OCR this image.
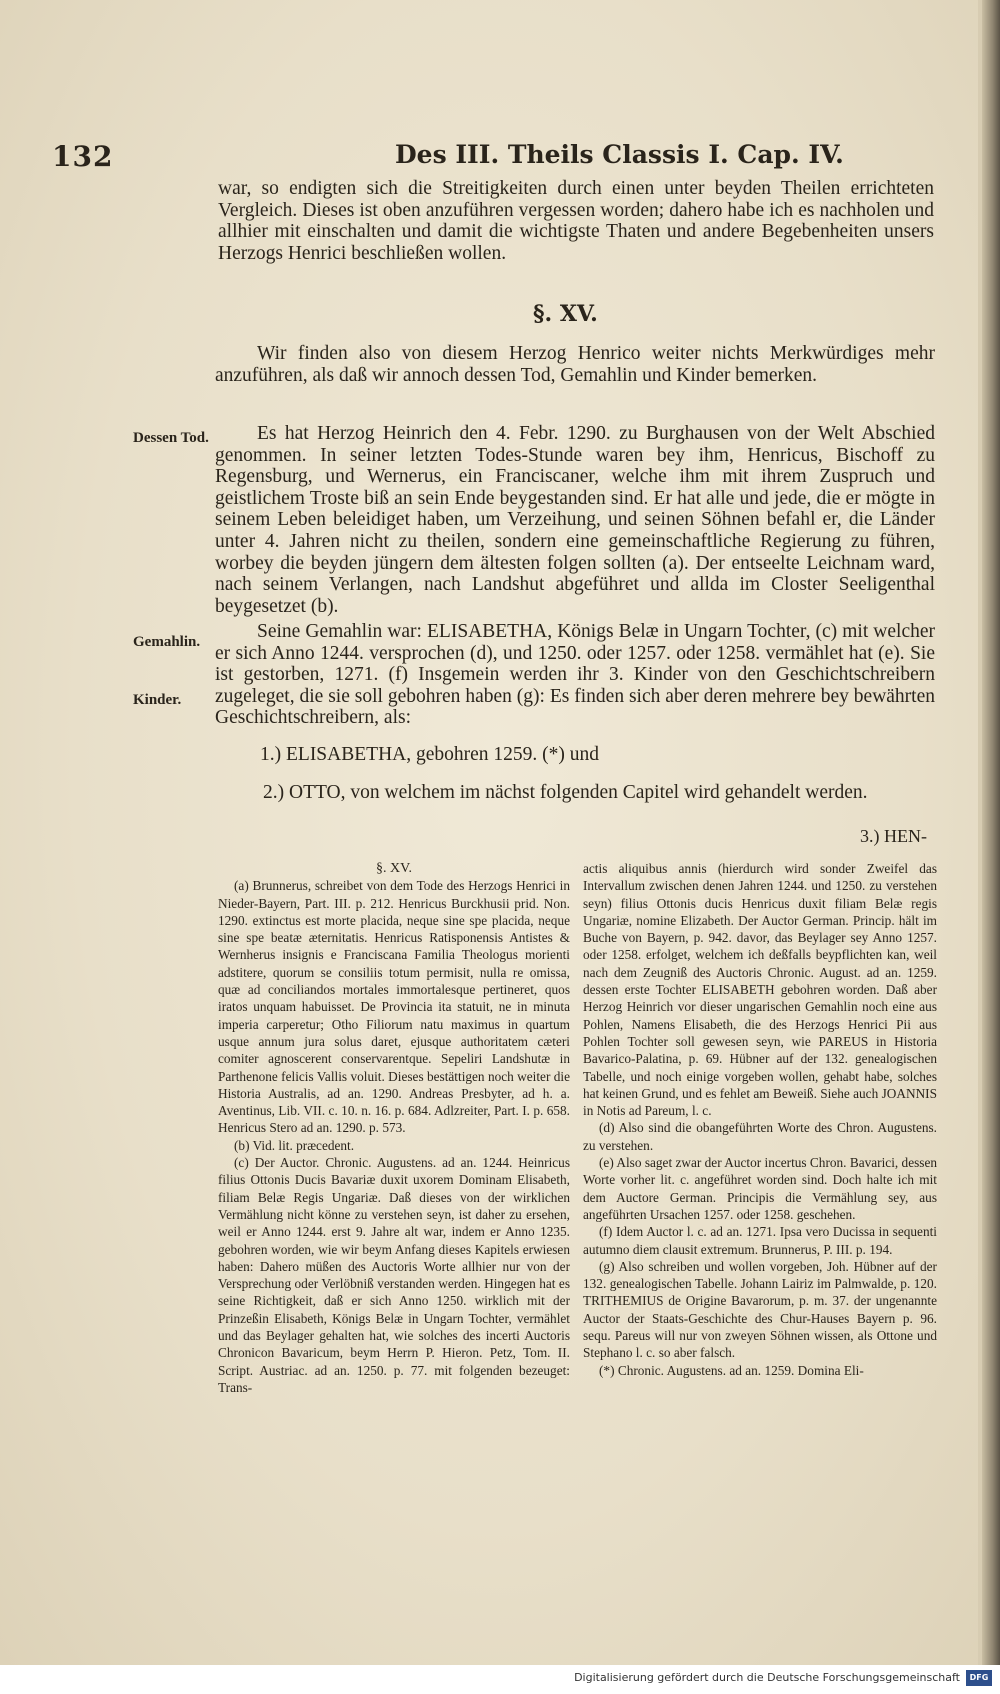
132	Des III. Theils Classis I. Cap. IV.

war, so endigten sich die Streitigkeiten durch einen unter beyden Theilen errichteten Vergleich. Dieses ist oben anzuführen vergessen worden; dahero habe ich es nachholen und allhier mit einschalten und damit die wichtigste Thaten und andere Begebenheiten unsers Herzogs Henrici beschließen wollen.

§. XV.

Wir finden also von diesem Herzog Henrico weiter nichts Merkwürdiges mehr anzuführen, als daß wir annoch dessen Tod, Gemahlin und Kinder bemerken.

Dessen Tod.	Es hat Herzog Heinrich den 4. Febr. 1290. zu Burghausen von der Welt Abschied genommen. In seiner letzten Todes-Stunde waren bey ihm, Henricus, Bischoff zu Regensburg, und Wernerus, ein Franciscaner, welche ihm mit ihrem Zuspruch und geistlichem Troste biß an sein Ende beygestanden sind. Er hat alle und jede, die er mögte in seinem Leben beleidiget haben, um Verzeihung, und seinen Söhnen befahl er, die Länder unter 4. Jahren nicht zu theilen, sondern eine gemeinschaftliche Regierung zu führen, worbey die beyden jüngern dem ältesten folgen sollten (a). Der entseelte Leichnam ward, nach seinem Verlangen, nach Landshut abgeführet und allda im Closter Seeligenthal beygesetzet (b).

Gemahlin.
Kinder.

Seine Gemahlin war: ELISABETHA, Königs Belæ in Ungarn Tochter, (c) mit welcher er sich Anno 1244. versprochen (d), und 1250. oder 1257. oder 1258. vermählet hat (e). Sie ist gestorben, 1271. (f) Insgemein werden ihr 3. Kinder von den Geschichtschreibern zugeleget, die sie soll gebohren haben (g): Es finden sich aber deren mehrere bey bewährten Geschichtschreibern, als:

1.) ELISABETHA, gebohren 1259. (*) und

2.) OTTO, von welchem im nächst folgenden Capitel wird gehandelt werden.

3.) HEN-

§. XV.

(a) Brunnerus, schreibet von dem Tode des Herzogs Henrici in Nieder-Bayern, Part. III. p. 212. Henricus Burckhusii prid. Non. 1290. extinctus est morte placida, neque sine spe placida, neque sine spe beatæ æternitatis. Henricus Ratisponensis Antistes & Wernherus insignis e Franciscana Familia Theologus morienti adstitere, quorum se consiliis totum permisit, nulla re omissa, quæ ad conciliandos mortales immortalesque pertineret, quos iratos unquam habuisset. De Provincia ita statuit, ne in minuta imperia carperetur; Otho Filiorum natu maximus in quartum usque annum jura solus daret, ejusque authoritatem cæteri comiter agnoscerent conservarentque. Sepeliri Landshutæ in Parthenone felicis Vallis voluit. Dieses bestättigen noch weiter die Historia Australis, ad an. 1290. Andreas Presbyter, ad h. a. Aventinus, Lib. VII. c. 10. n. 16. p. 684. Adlzreiter, Part. I. p. 658. Henricus Stero ad an. 1290. p. 573.

(b) Vid. lit. præcedent.

(c) Der Auctor. Chronic. Augustens. ad an. 1244. Heinricus filius Ottonis Ducis Bavariæ duxit uxorem Dominam Elisabeth, filiam Belæ Regis Ungariæ. Daß dieses von der wirklichen Vermählung nicht könne zu verstehen seyn, ist daher zu ersehen, weil er Anno 1244. erst 9. Jahre alt war, indem er Anno 1235. gebohren worden, wie wir beym Anfang dieses Kapitels erwiesen haben: Dahero müßen des Auctoris Worte allhier nur von der Versprechung oder Verlöbniß verstanden werden. Hingegen hat es seine Richtigkeit, daß er sich Anno 1250. wirklich mit der Prinzeßin Elisabeth, Königs Belæ in Ungarn Tochter, vermählet und das Beylager gehalten hat, wie solches des incerti Auctoris Chronicon Bavaricum, beym Herrn P. Hieron. Petz, Tom. II. Script. Austriac. ad an. 1250. p. 77. mit folgenden bezeuget: Trans-

actis aliquibus annis (hierdurch wird sonder Zweifel das Intervallum zwischen denen Jahren 1244. und 1250. zu verstehen seyn) filius Ottonis ducis Henricus duxit filiam Belæ regis Ungariæ, nomine Elizabeth. Der Auctor German. Princip. hält im Buche von Bayern, p. 942. davor, das Beylager sey Anno 1257. oder 1258. erfolget, welchem ich deßfalls beypflichten kan, weil nach dem Zeugniß des Auctoris Chronic. August. ad an. 1259. dessen erste Tochter ELISABETH gebohren worden. Daß aber Herzog Heinrich vor dieser ungarischen Gemahlin noch eine aus Pohlen, Namens Elisabeth, die des Herzogs Henrici Pii aus Pohlen Tochter soll gewesen seyn, wie PAREUS in Historia Bavarico-Palatina, p. 69. Hübner auf der 132. genealogischen Tabelle, und noch einige vorgeben wollen, gehabt habe, solches hat keinen Grund, und es fehlet am Beweiß. Siehe auch JOANNIS in Notis ad Pareum, l. c.

(d) Also sind die obangeführten Worte des Chron. Augustens. zu verstehen.

(e) Also saget zwar der Auctor incertus Chron. Bavarici, dessen Worte vorher lit. c. angeführet worden sind. Doch halte ich mit dem Auctore German. Principis die Vermählung sey, aus angeführten Ursachen 1257. oder 1258. geschehen.

(f) Idem Auctor l. c. ad an. 1271. Ipsa vero Ducissa in sequenti autumno diem clausit extremum. Brunnerus, P. III. p. 194.

(g) Also schreiben und wollen vorgeben, Joh. Hübner auf der 132. genealogischen Tabelle. Johann Lairiz im Palmwalde, p. 120. TRITHEMIUS de Origine Bavarorum, p. m. 37. der ungenannte Auctor der Staats-Geschichte des Chur-Hauses Bayern p. 96. sequ. Pareus will nur von zweyen Söhnen wissen, als Ottone und Stephano l. c. so aber falsch.

(*) Chronic. Augustens. ad an. 1259. Domina Eli-

Digitalisierung gefördert durch die Deutsche Forschungsgemeinschaft	DFG
